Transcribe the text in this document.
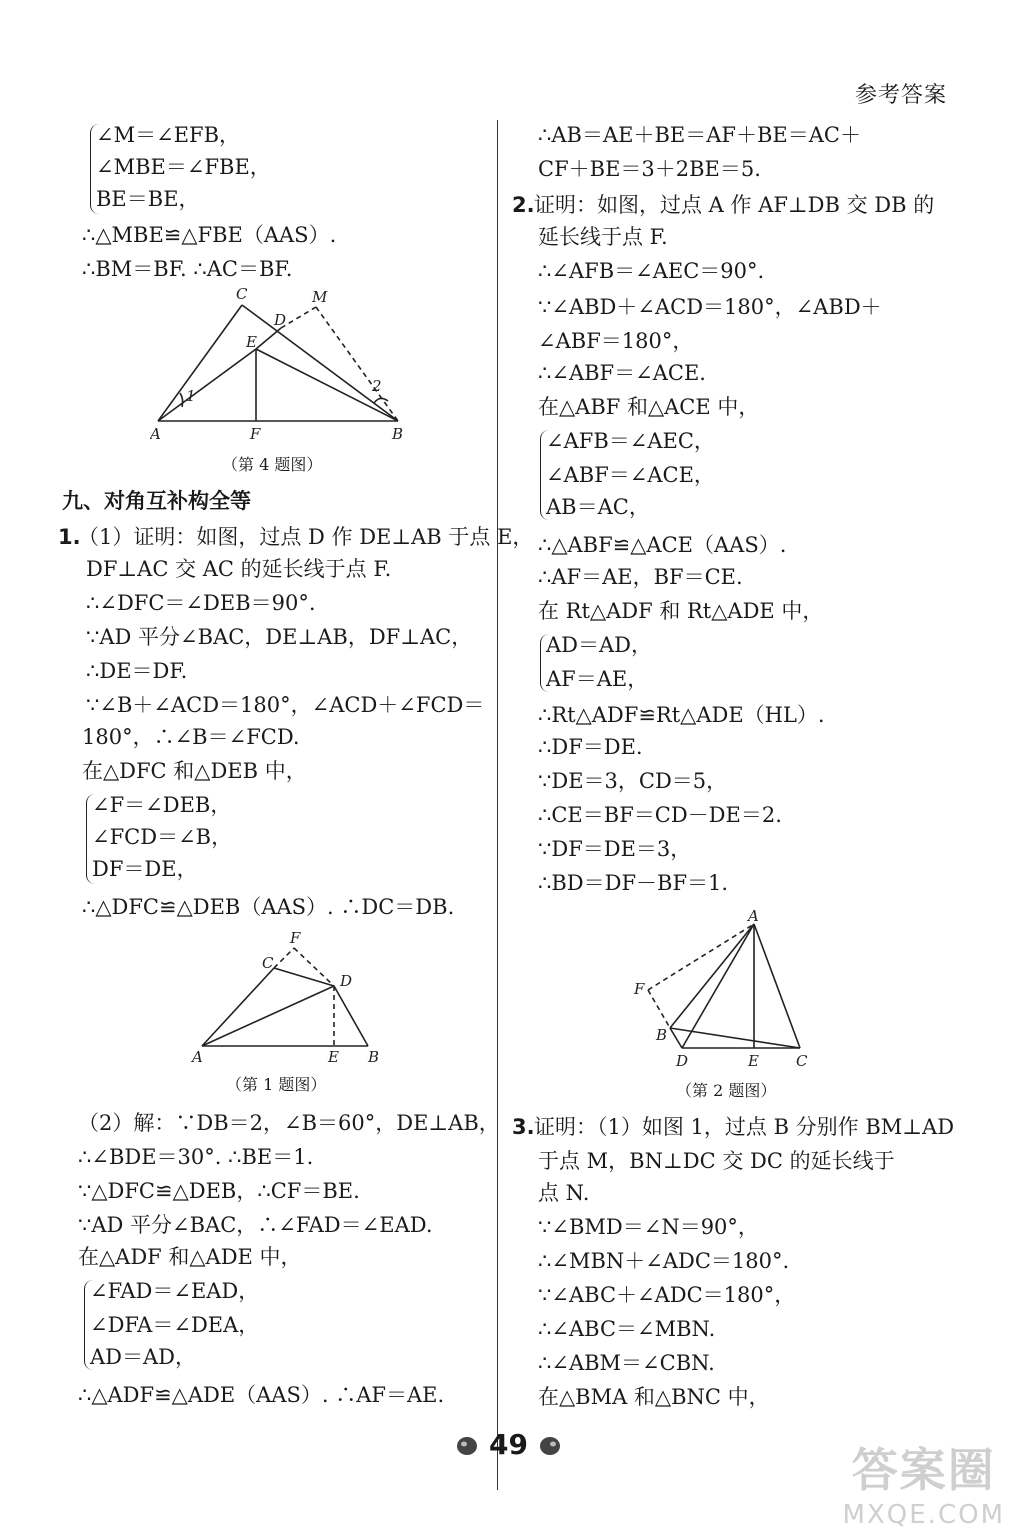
参考答案
∠M＝∠EFB，
∠MBE＝∠FBE，
BE＝BE，
∴△MBE≌△FBE（AAS）.
∴BM＝BF. ∴AC＝BF.
C	M
D
E
1
2
A	F	B
（第 4 题图）
九、对角互补构全等
1.
（1）证明：如图，过点 D 作 DE⊥AB 于点 E，
DF⊥AC 交 AC 的延长线于点 F.
∴∠DFC＝∠DEB＝90°.
∵AD 平分∠BAC，DE⊥AB，DF⊥AC，
∴DE＝DF.
∵∠B＋∠ACD＝180°，∠ACD＋∠FCD＝
180°，∴∠B＝∠FCD.
在△DFC 和△DEB 中，
∠F＝∠DEB，
∠FCD＝∠B，
DF＝DE，
∴△DFC≌△DEB（AAS）. ∴DC＝DB.
F
C
D
A	E B
（第 1 题图）
（2）解：∵DB＝2，∠B＝60°，DE⊥AB，
∴∠BDE＝30°. ∴BE＝1.
∵△DFC≌△DEB，∴CF＝BE.
∵AD 平分∠BAC，∴∠FAD＝∠EAD.
在△ADF 和△ADE 中，
∠FAD＝∠EAD，
∠DFA＝∠DEA，
AD＝AD，
∴△ADF≌△ADE（AAS）. ∴AF＝AE.
∴AB＝AE＋BE＝AF＋BE＝AC＋
CF＋BE＝3＋2BE＝5.
2. 证明：如图，过点 A 作 AF⊥DB 交 DB 的
延长线于点 F.
∴∠AFB＝∠AEC＝90°.
∵∠ABD＋∠ACD＝180°，∠ABD＋
∠ABF＝180°，
∴∠ABF＝∠ACE.
在△ABF 和△ACE 中，
∠AFB＝∠AEC，
∠ABF＝∠ACE，
AB＝AC，
∴△ABF≌△ACE（AAS）.
∴AF＝AE，BF＝CE.
在 Rt△ADF 和 Rt△ADE 中，
AD＝AD，
AF＝AE，
∴Rt△ADF≌Rt△ADE（HL）.
∴DF＝DE.
∵DE＝3，CD＝5，
∴CE＝BF＝CD－DE＝2.
∵DF＝DE＝3，
∴BD＝DF－BF＝1.
A
F
B
D	E C
（第 2 题图）
3. 证明：（1）如图 1，过点 B 分别作 BM⊥AD
于点 M，BN⊥DC 交 DC 的延长线于
点 N.
∵∠BMD＝∠N＝90°，
∴∠MBN＋∠ADC＝180°.
∵∠ABC＋∠ADC＝180°，
∴∠ABC＝∠MBN.
∴∠ABM＝∠CBN.
在△BMA 和△BNC 中，
49	答案圈
MXQE.COM
